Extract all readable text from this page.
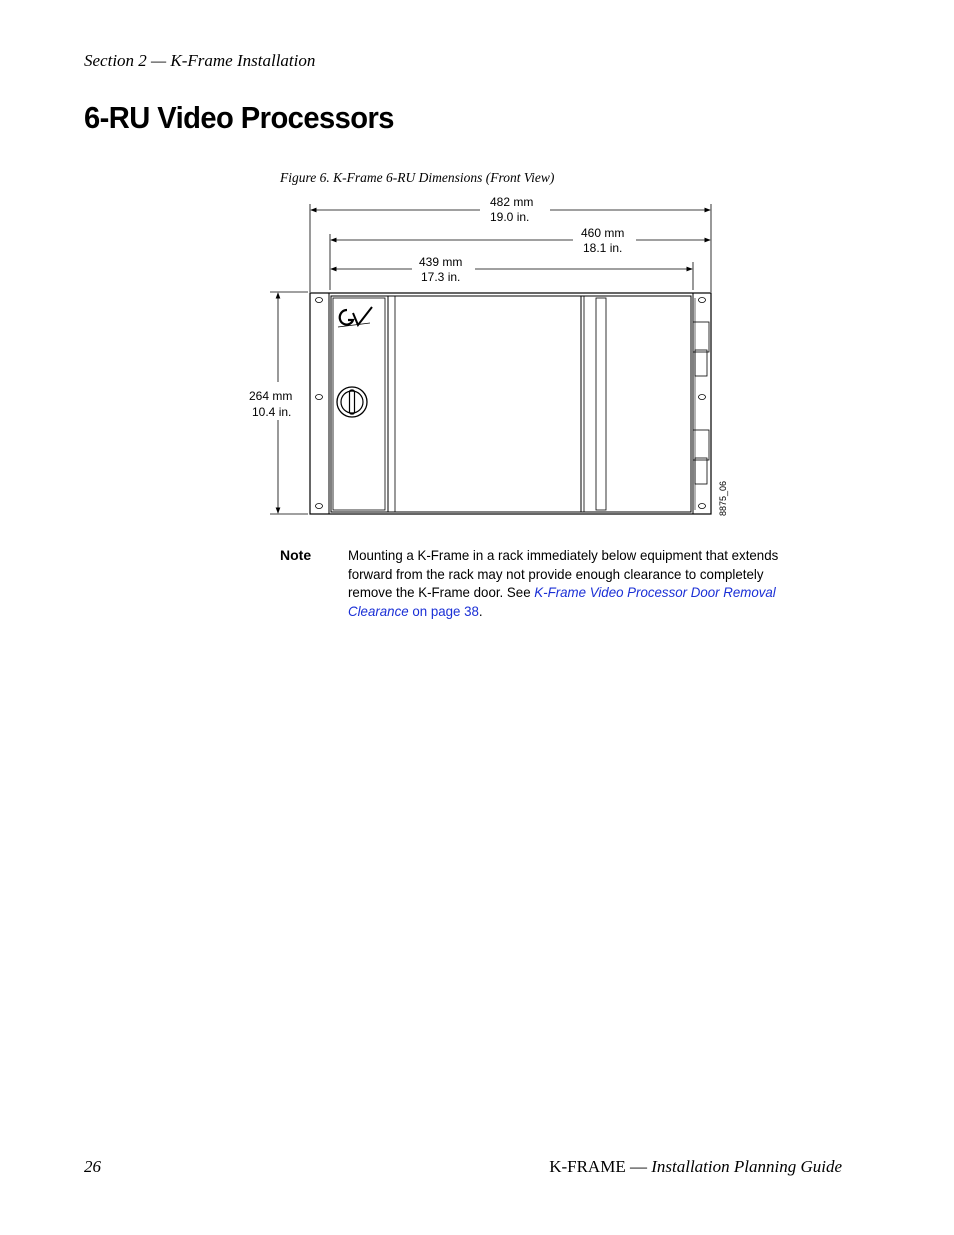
Section 2 — K-Frame Installation
6-RU Video Processors
Figure 6. K-Frame 6-RU Dimensions (Front View)
482 mm
19.0 in.
460 mm
18.1 in.
439 mm
17.3 in.
264 mm
10.4 in.
8875_06
Note	Mounting a K-Frame in a rack immediately below equipment that extends forward from the rack may not provide enough clearance to completely remove the K-Frame door. See K-Frame Video Processor Door Removal Clearance on page 38.
26	K-FRAME — Installation Planning Guide
